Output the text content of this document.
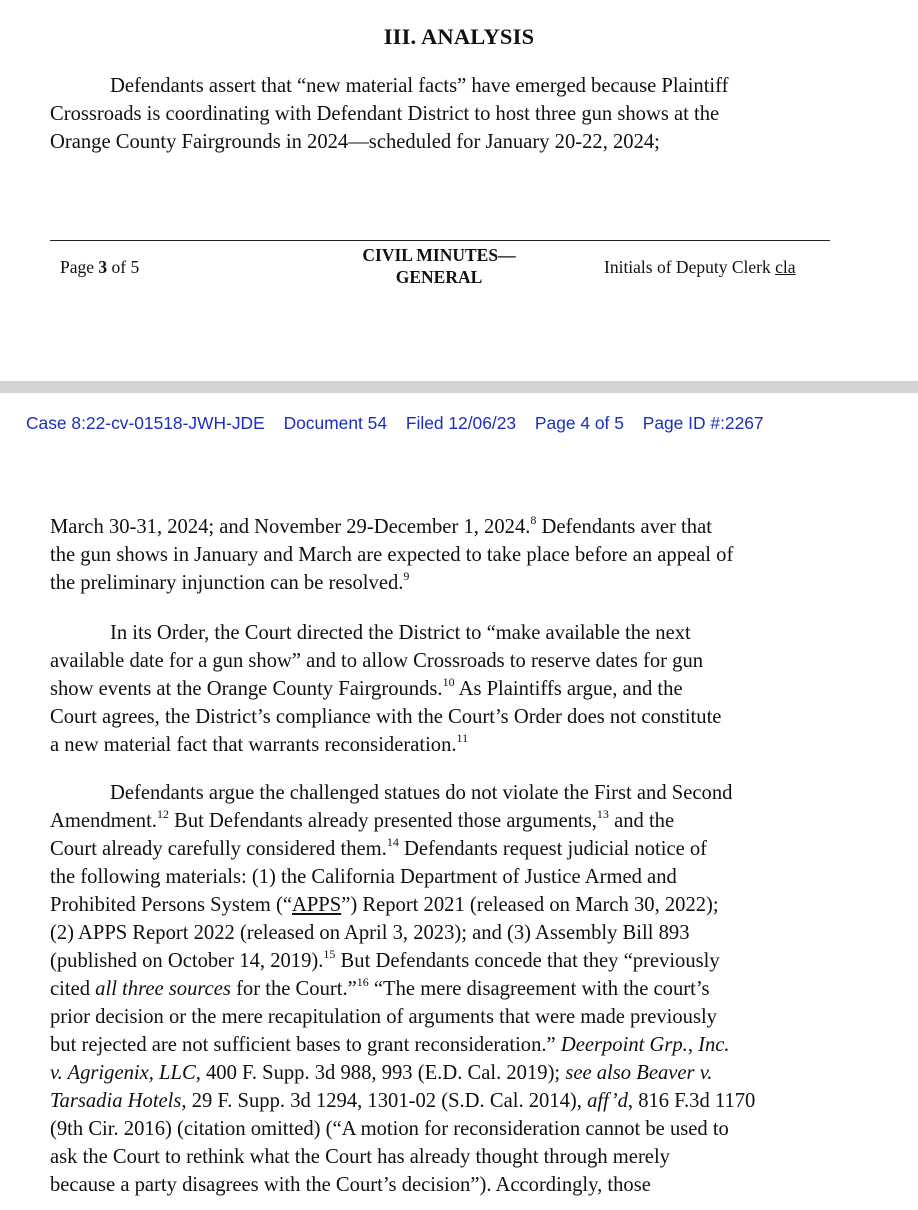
III. ANALYSIS

Defendants assert that “new material facts” have emerged because Plaintiff
Crossroads is coordinating with Defendant District to host three gun shows at the
Orange County Fairgrounds in 2024—scheduled for January 20-22, 2024;

Page 3 of 5
CIVIL MINUTES—
GENERAL	Initials of Deputy Clerk cla
Case 8:22-cv-01518-JWH-JDE Document 54 Filed 12/06/23 Page 4 of 5 Page ID #:2267

March 30-31, 2024; and November 29-December 1, 2024.$^8$ Defendants aver that
the gun shows in January and March are expected to take place before an appeal of
the preliminary injunction can be resolved.$^9$

In its Order, the Court directed the District to “make available the next
available date for a gun show” and to allow Crossroads to reserve dates for gun
show events at the Orange County Fairgrounds.$^{10}$ As Plaintiffs argue, and the
Court agrees, the District’s compliance with the Court’s Order does not constitute
a new material fact that warrants reconsideration.$^{11}$

Defendants argue the challenged statues do not violate the First and Second
Amendment.$^{12}$ But Defendants already presented those arguments,$^{13}$ and the
Court already carefully considered them.$^{14}$ Defendants request judicial notice of
the following materials: (1) the California Department of Justice Armed and
Prohibited Persons System (“APPS”) Report 2021 (released on March 30, 2022);
(2) APPS Report 2022 (released on April 3, 2023); and (3) Assembly Bill 893
(published on October 14, 2019).$^{15}$ But Defendants concede that they “previously
cited all three sources for the Court.”$^{16}$ “The mere disagreement with the court’s
prior decision or the mere recapitulation of arguments that were made previously
but rejected are not sufficient bases to grant reconsideration.” Deerpoint Grp., Inc.
v. Agrigenix, LLC, 400 F. Supp. 3d 988, 993 (E.D. Cal. 2019); see also Beaver v.
Tarsadia Hotels, 29 F. Supp. 3d 1294, 1301-02 (S.D. Cal. 2014), aff’d, 816 F.3d 1170
(9th Cir. 2016) (citation omitted) (“A motion for reconsideration cannot be used to
ask the Court to rethink what the Court has already thought through merely
because a party disagrees with the Court’s decision”). Accordingly, those
